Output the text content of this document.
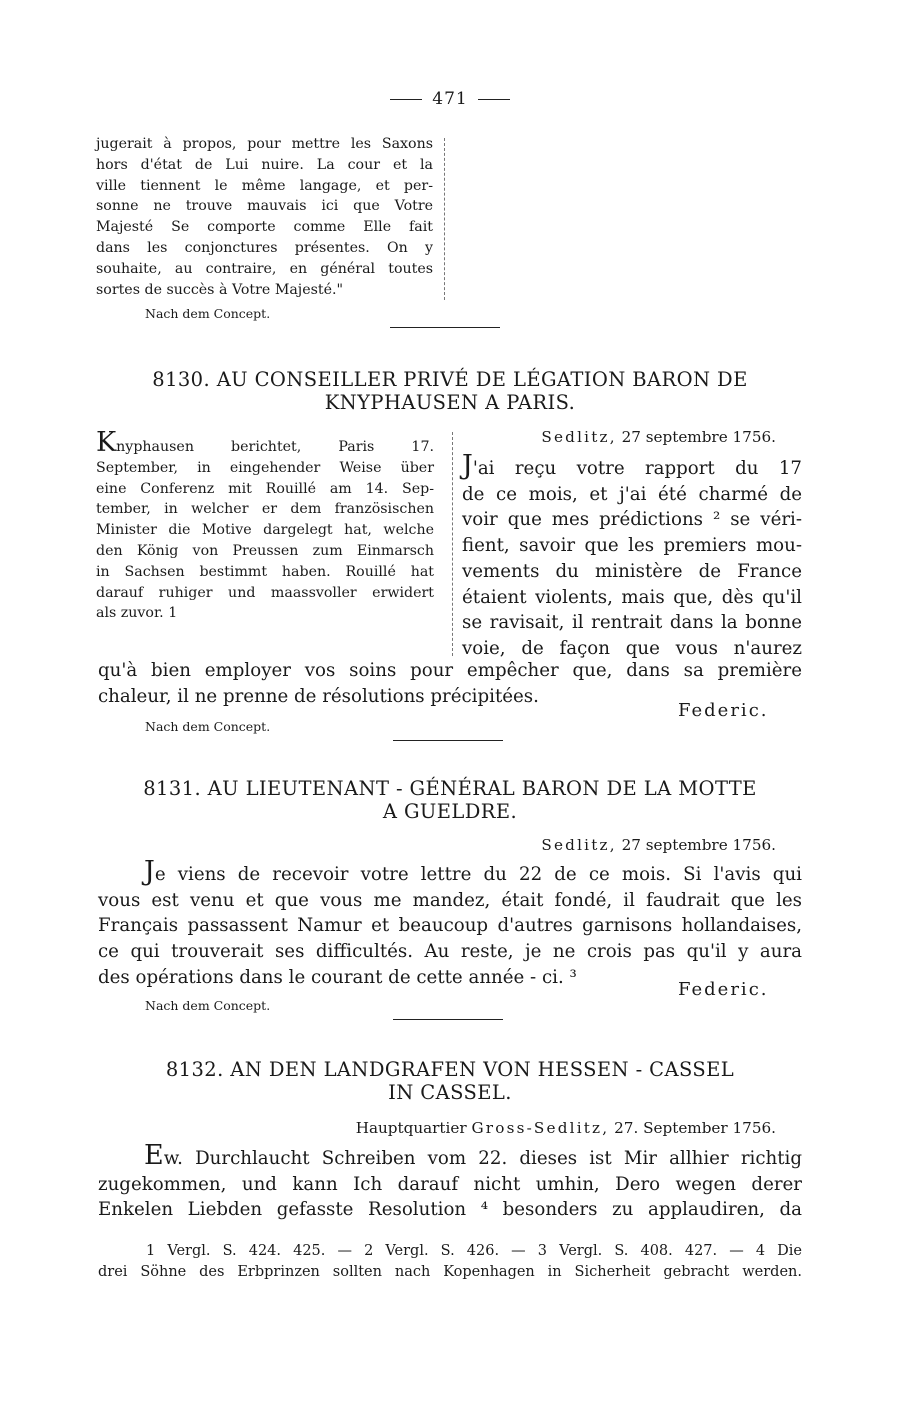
471
jugerait à propos, pour mettre les Saxons
hors d'état de Lui nuire. La cour et la
ville tiennent le même langage, et per-
sonne ne trouve mauvais ici que Votre
Majesté Se comporte comme Elle fait
dans les conjonctures présentes. On y
souhaite, au contraire, en général toutes
sortes de succès à Votre Majesté."
Nach dem Concept.
8130. AU CONSEILLER PRIVÉ DE LÉGATION BARON DE
KNYPHAUSEN A PARIS.
Knyphausen berichtet, Paris 17.
September, in eingehender Weise über
eine Conferenz mit Rouillé am 14. Sep-
tember, in welcher er dem französischen
Minister die Motive dargelegt hat, welche
den König von Preussen zum Einmarsch
in Sachsen bestimmt haben. Rouillé hat
darauf ruhiger und maassvoller erwidert
als zuvor. 1
Sedlitz, 27 septembre 1756.
J'ai reçu votre rapport du 17
de ce mois, et j'ai été charmé de
voir que mes prédictions ² se véri-
fient, savoir que les premiers mou-
vements du ministère de France
étaient violents, mais que, dès qu'il
se ravisait, il rentrait dans la bonne
voie, de façon que vous n'aurez
qu'à bien employer vos soins pour empêcher que, dans sa première
chaleur, il ne prenne de résolutions précipitées.
Federic.
Nach dem Concept.
8131. AU LIEUTENANT - GÉNÉRAL BARON DE LA MOTTE
A GUELDRE.
Sedlitz, 27 septembre 1756.
Je viens de recevoir votre lettre du 22 de ce mois. Si l'avis qui
vous est venu et que vous me mandez, était fondé, il faudrait que les
Français passassent Namur et beaucoup d'autres garnisons hollandaises,
ce qui trouverait ses difficultés. Au reste, je ne crois pas qu'il y aura
des opérations dans le courant de cette année - ci. ³
Federic.
Nach dem Concept.
8132. AN DEN LANDGRAFEN VON HESSEN - CASSEL
IN CASSEL.
Hauptquartier Gross-Sedlitz, 27. September 1756.
Ew. Durchlaucht Schreiben vom 22. dieses ist Mir allhier richtig
zugekommen, und kann Ich darauf nicht umhin, Dero wegen derer
Enkelen Liebden gefasste Resolution ⁴ besonders zu applaudiren, da
1 Vergl. S. 424. 425. — 2 Vergl. S. 426. — 3 Vergl. S. 408. 427. — 4 Die
drei Söhne des Erbprinzen sollten nach Kopenhagen in Sicherheit gebracht werden.
